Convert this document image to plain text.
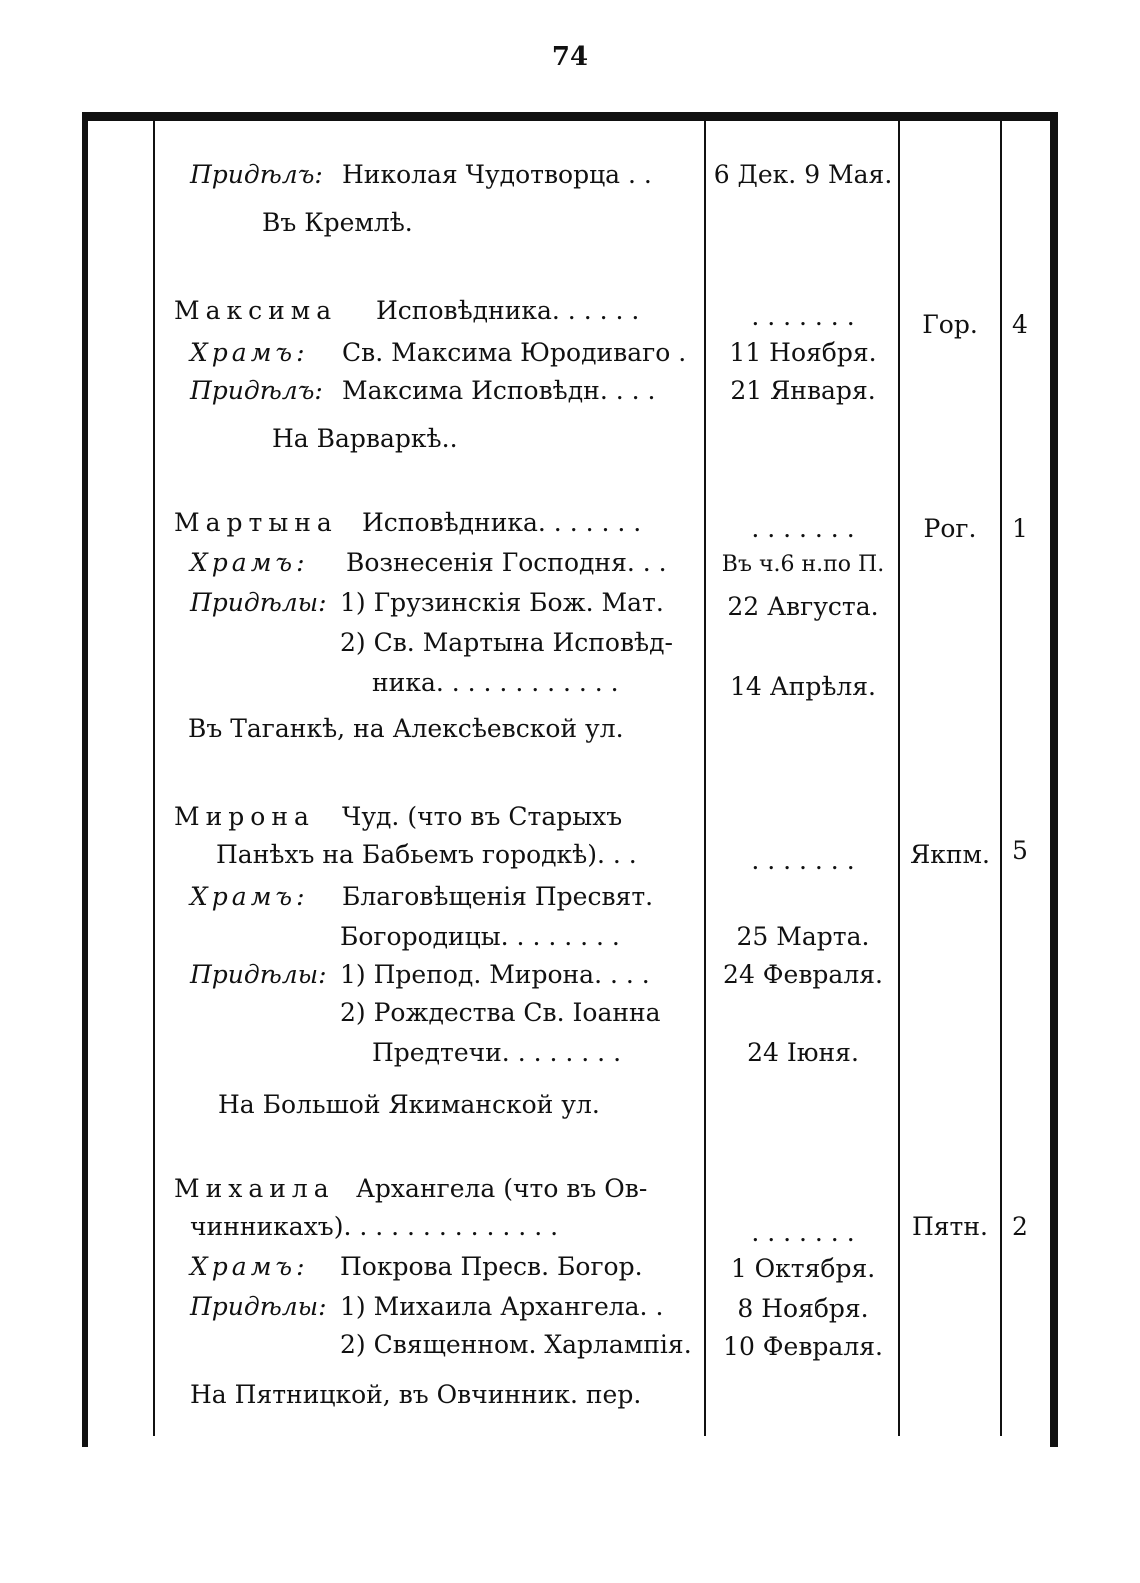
74
Придѣлъ: Николая Чудотворца . . 6 Дек. 9 Мая.
Въ Кремлѣ.
Максима Исповѣдника. . . . . .	. . . . . . .	Гор.	4
Храмъ: Св. Максима Юродиваго .	11 Ноября.
Придѣлъ: Максима Исповѣдн. . . .	21 Января.
На Варваркѣ..
Мартына Исповѣдника. . . . . . .	. . . . . . .	Рог.	1
Храмъ: Вознесенія Господня. . .	Въ ч.6 н.по П.
Придѣлы: 1) Грузинскія Бож. Мат.	22 Августа.
2) Св. Мартына Исповѣд-
ника. . . . . . . . . . . .	14 Апрѣля.
Въ Таганкѣ, на Алексѣевской ул.
Мирона Чуд. (что въ Старыхъ
Панѣхъ на Бабьемъ городкѣ). . .	. . . . . . .	Якпм. 5
Храмъ: Благовѣщенія Пресвят.
Богородицы. . . . . . . .	25 Марта.
Придѣлы: 1) Препод. Мирона. . . .	24 Февраля.
2) Рождества Св. Іоанна
Предтечи. . . . . . . .	24 Іюня.
На Большой Якиманской ул.
Михаила Архангела (что въ Ов-
чинникахъ). . . . . . . . . . . . . .	. . . . . . .	Пятн. 2
Храмъ: Покрова Пресв. Богор.	1 Октября.
Придѣлы: 1) Михаила Архангела. .	8 Ноября.
2) Священном. Харлампія.	10 Февраля.
На Пятницкой, въ Овчинник. пер.
